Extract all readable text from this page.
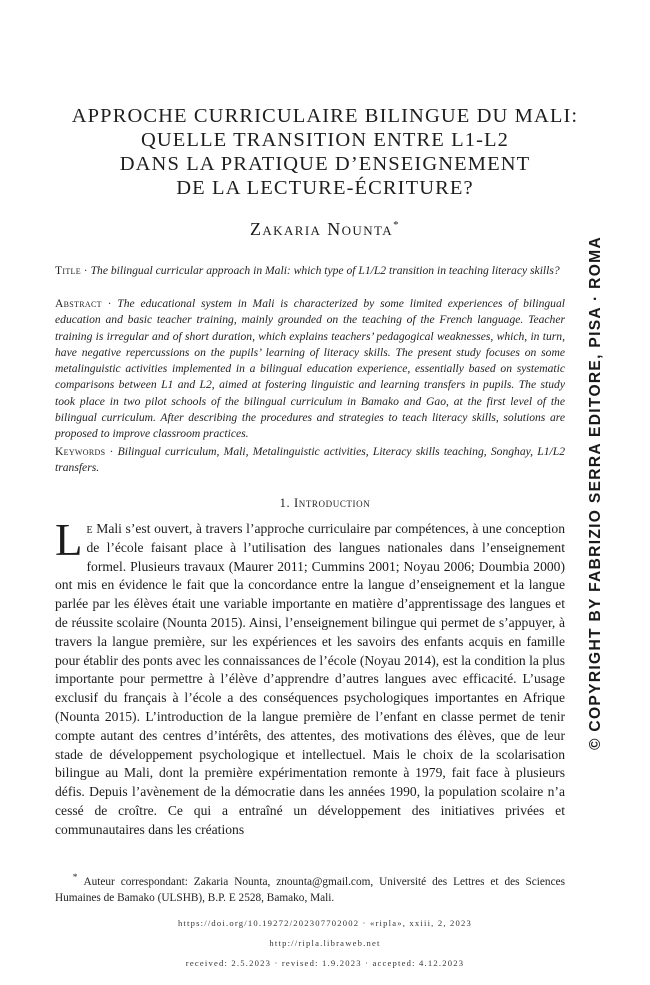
APPROCHE CURRICULAIRE BILINGUE DU MALI:
QUELLE TRANSITION ENTRE L1-L2
DANS LA PRATIQUE D’ENSEIGNEMENT
DE LA LECTURE-ÉCRITURE?
Zakaria Nounta*
Title · The bilingual curricular approach in Mali: which type of L1/L2 transition in teaching literacy skills?
Abstract · The educational system in Mali is characterized by some limited experiences of bilingual education and basic teacher training, mainly grounded on the teaching of the French language. Teacher training is irregular and of short duration, which explains teachers’ pedagogical weaknesses, which, in turn, have negative repercussions on the pupils’ learning of literacy skills. The present study focuses on some metalinguistic activities implemented in a bilingual education experience, essentially based on systematic comparisons between L1 and L2, aimed at fostering linguistic and learning transfers in pupils. The study took place in two pilot schools of the bilingual curriculum in Bamako and Gao, at the first level of the bilingual curriculum. After describing the procedures and strategies to teach literacy skills, solutions are proposed to improve classroom practices.
Keywords · Bilingual curriculum, Mali, Metalinguistic activities, Literacy skills teaching, Songhay, L1/L2 transfers.
1. Introduction
Le Mali s’est ouvert, à travers l’approche curriculaire par compétences, à une conception de l’école faisant place à l’utilisation des langues nationales dans l’enseignement formel. Plusieurs travaux (Maurer 2011; Cummins 2001; Noyau 2006; Doumbia 2000) ont mis en évidence le fait que la concordance entre la langue d’enseignement et la langue parlée par les élèves était une variable importante en matière d’apprentissage des langues et de réussite scolaire (Nounta 2015). Ainsi, l’enseignement bilingue qui permet de s’appuyer, à travers la langue première, sur les expériences et les savoirs des enfants acquis en famille pour établir des ponts avec les connaissances de l’école (Noyau 2014), est la condition la plus importante pour permettre à l’élève d’apprendre d’autres langues avec efficacité. L’usage exclusif du français à l’école a des conséquences psychologiques importantes en Afrique (Nounta 2015). L’introduction de la langue première de l’enfant en classe permet de tenir compte autant des centres d’intérêts, des attentes, des motivations des élèves, que de leur stade de développement psychologique et intellectuel. Mais le choix de la scolarisation bilingue au Mali, dont la première expérimentation remonte à 1979, fait face à plusieurs défis. Depuis l’avènement de la démocratie dans les années 1990, la population scolaire n’a cessé de croître. Ce qui a entraîné un développement des initiatives privées et communautaires dans les créations
* Auteur correspondant: Zakaria Nounta, znounta@gmail.com, Université des Lettres et des Sciences Humaines de Bamako (ULSHB), B.P. E 2528, Bamako, Mali.
https://doi.org/10.19272/202307702002 · «ripla», xxiii, 2, 2023
http://ripla.libraweb.net
received: 2.5.2023 · revised: 1.9.2023 · accepted: 4.12.2023
© COPYRIGHT BY FABRIZIO SERRA EDITORE, PISA · ROMA
